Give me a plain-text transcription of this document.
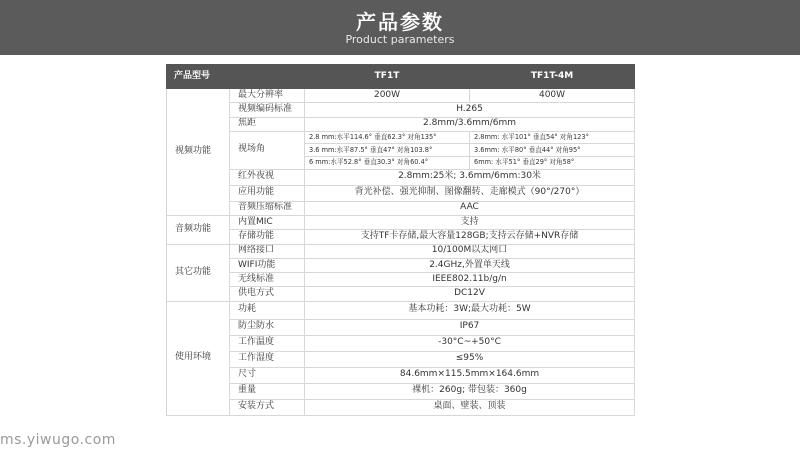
产品参数
Product parameters
产品型号		TF1T	TF1T-4M
视频功能	最大分辨率	200W	400W
	视频编码标准	H.265	
	焦距	2.8mm/3.6mm/6mm	
	视场角	2.8 mm:水平114.6° 垂直62.3° 对角135°	2.8mm: 水平101° 垂直54° 对角123°
		3.6 mm:水平87.5° 垂直47° 对角103.8°	3.6mm: 水平80° 垂直44° 对角95°
		6 mm:水平52.8° 垂直30.3° 对角60.4°	6mm: 水平51° 垂直29° 对角58°
	红外夜视	2.8mm:25米; 3.6mm/6mm:30米	
	应用功能	背光补偿、强光抑制、图像翻转、走廊模式（90°/270°）	
	音频压缩标准	AAC	
音频功能	内置MIC	支持	
	存储功能	支持TF卡存储,最大容量128GB;支持云存储+NVR存储	
其它功能	网络接口	10/100M以太网口	
	WIFI功能	2.4GHz,外置单天线	
	无线标准	IEEE802.11b/g/n	
	供电方式	DC12V	
使用环境	功耗	基本功耗：3W;最大功耗：5W	
	防尘防水	IP67	
	工作温度	-30°C~+50°C	
	工作湿度	≤95%	
	尺寸	84.6mm×115.5mm×164.6mm	
	重量	裸机：260g; 带包装：360g	
	安装方式	桌面、壁装、顶装	
ms.yiwugo.com
